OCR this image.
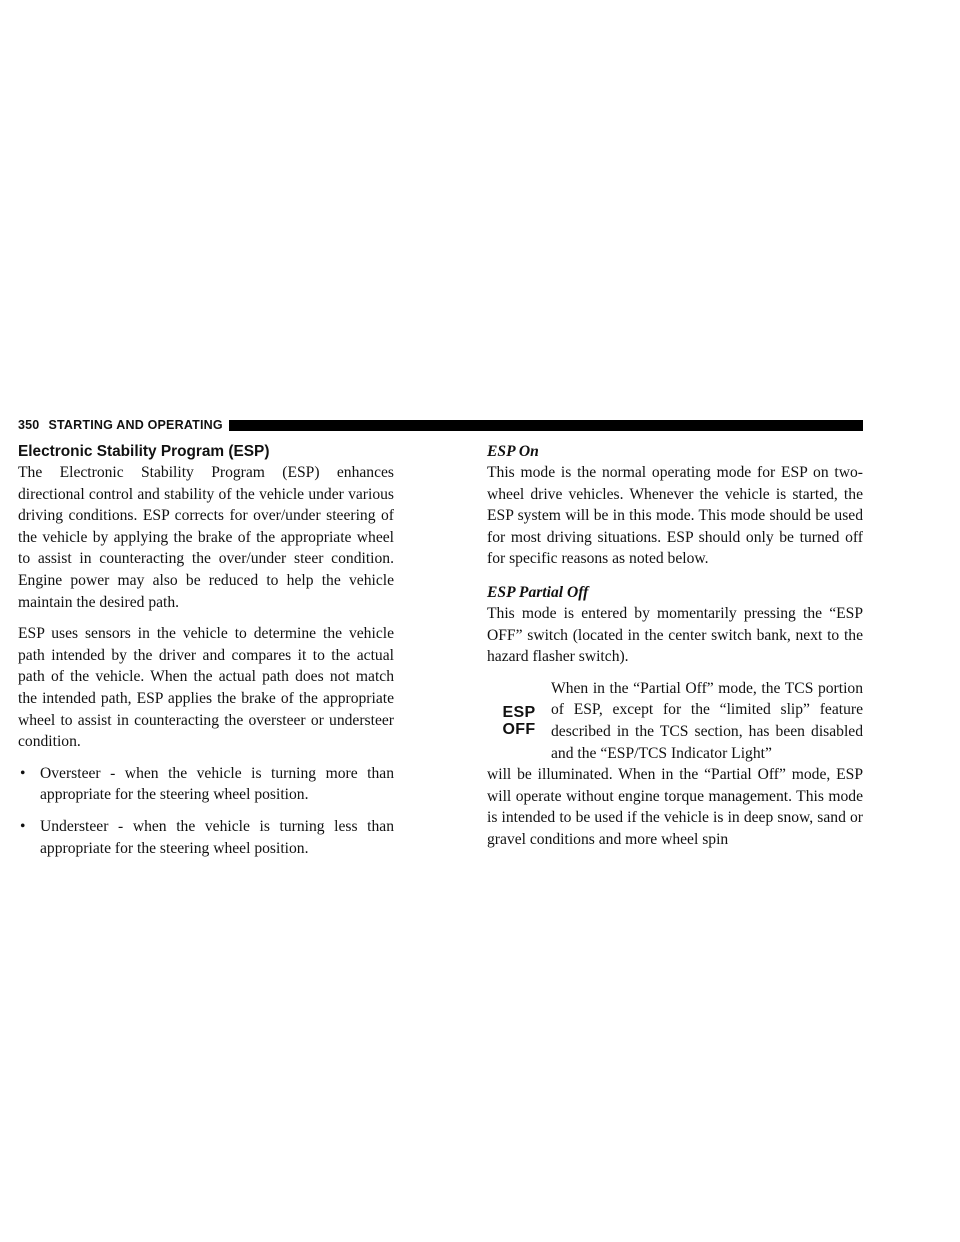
350 STARTING AND OPERATING
Electronic Stability Program (ESP)

The Electronic Stability Program (ESP) enhances directional control and stability of the vehicle under various driving conditions. ESP corrects for over/under steering of the vehicle by applying the brake of the appropriate wheel to assist in counteracting the over/under steer condition. Engine power may also be reduced to help the vehicle maintain the desired path.

ESP uses sensors in the vehicle to determine the vehicle path intended by the driver and compares it to the actual path of the vehicle. When the actual path does not match the intended path, ESP applies the brake of the appropriate wheel to assist in counteracting the oversteer or understeer condition.

• Oversteer - when the vehicle is turning more than appropriate for the steering wheel position.
• Understeer - when the vehicle is turning less than appropriate for the steering wheel position.
ESP On

This mode is the normal operating mode for ESP on two-wheel drive vehicles. Whenever the vehicle is started, the ESP system will be in this mode. This mode should be used for most driving situations. ESP should only be turned off for specific reasons as noted below.

ESP Partial Off

This mode is entered by momentarily pressing the “ESP OFF” switch (located in the center switch bank, next to the hazard flasher switch).

ESP
OFF
When in the “Partial Off” mode, the TCS portion of ESP, except for the “limited slip” feature described in the TCS section, has been disabled and the “ESP/TCS Indicator Light”

will be illuminated. When in the “Partial Off” mode, ESP will operate without engine torque management. This mode is intended to be used if the vehicle is in deep snow, sand or gravel conditions and more wheel spin
